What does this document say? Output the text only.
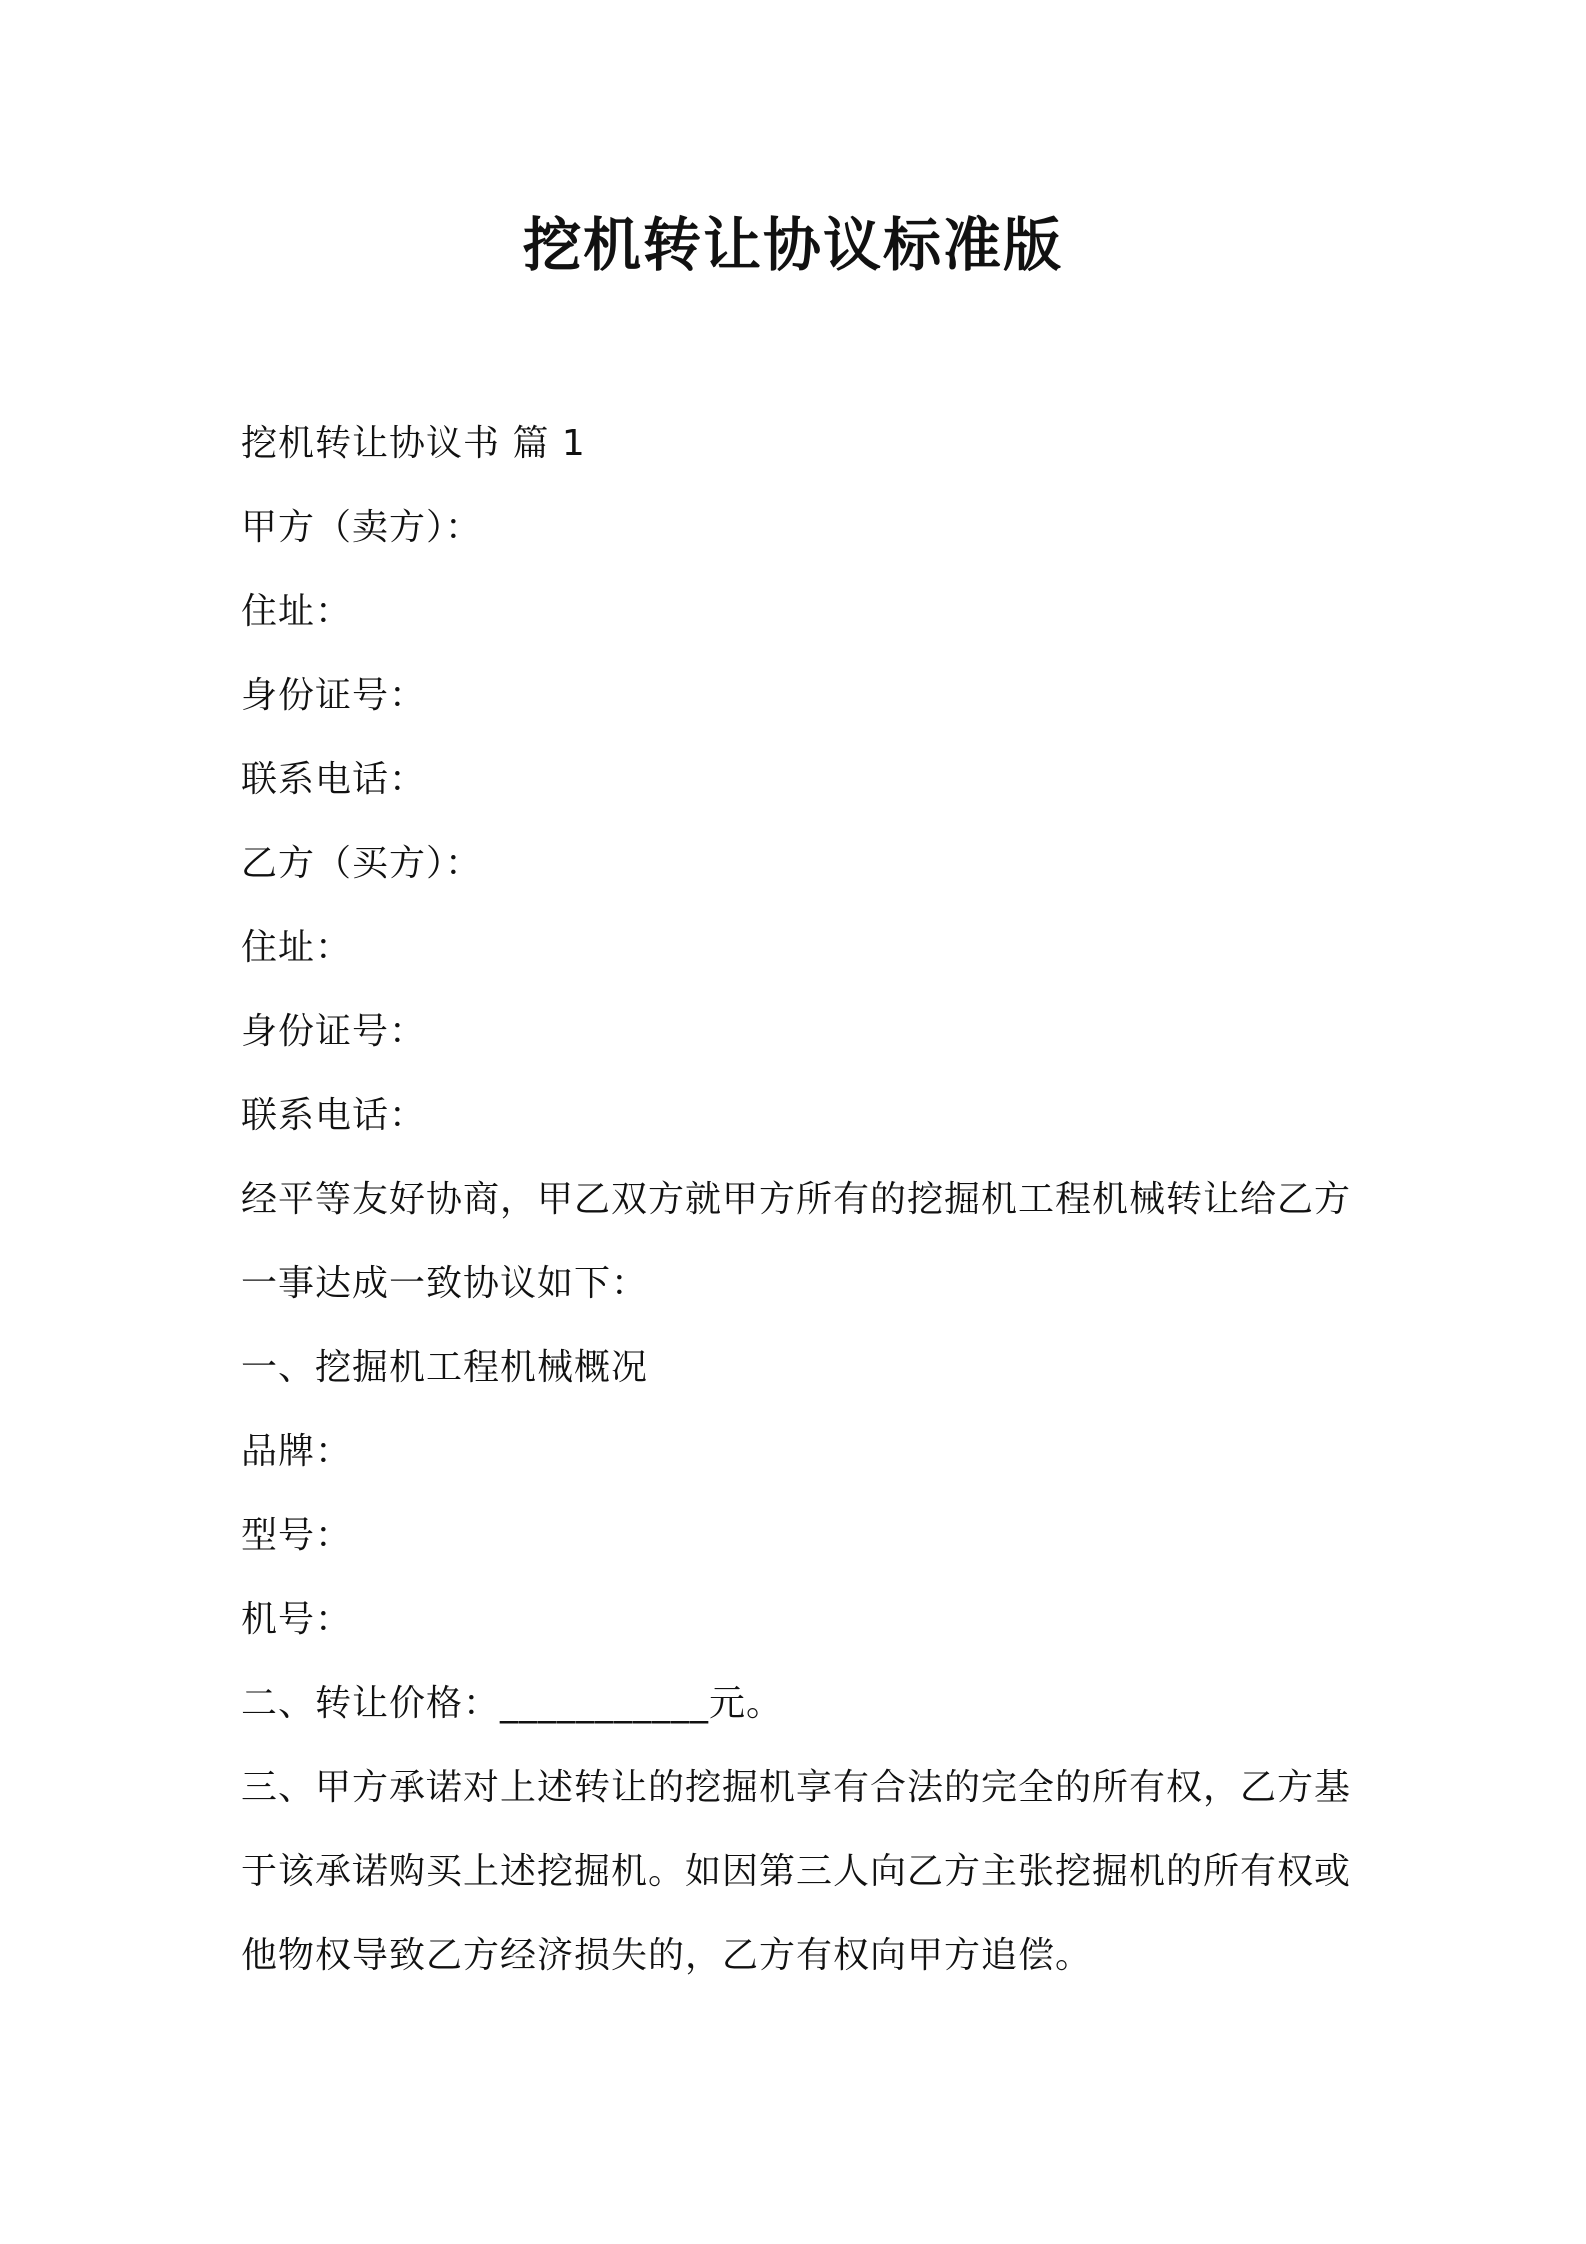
挖机转让协议标准版
挖机转让协议书 篇 1
甲方（卖方）：
住址：
身份证号：
联系电话：
乙方（买方）：
住址：
身份证号：
联系电话：
经平等友好协商，甲乙双方就甲方所有的挖掘机工程机械转让给乙方
一事达成一致协议如下：
一、挖掘机工程机械概况
品牌：
型号：
机号：
二、转让价格：___________元。
三、甲方承诺对上述转让的挖掘机享有合法的完全的所有权，乙方基
于该承诺购买上述挖掘机。如因第三人向乙方主张挖掘机的所有权或
他物权导致乙方经济损失的，乙方有权向甲方追偿。
